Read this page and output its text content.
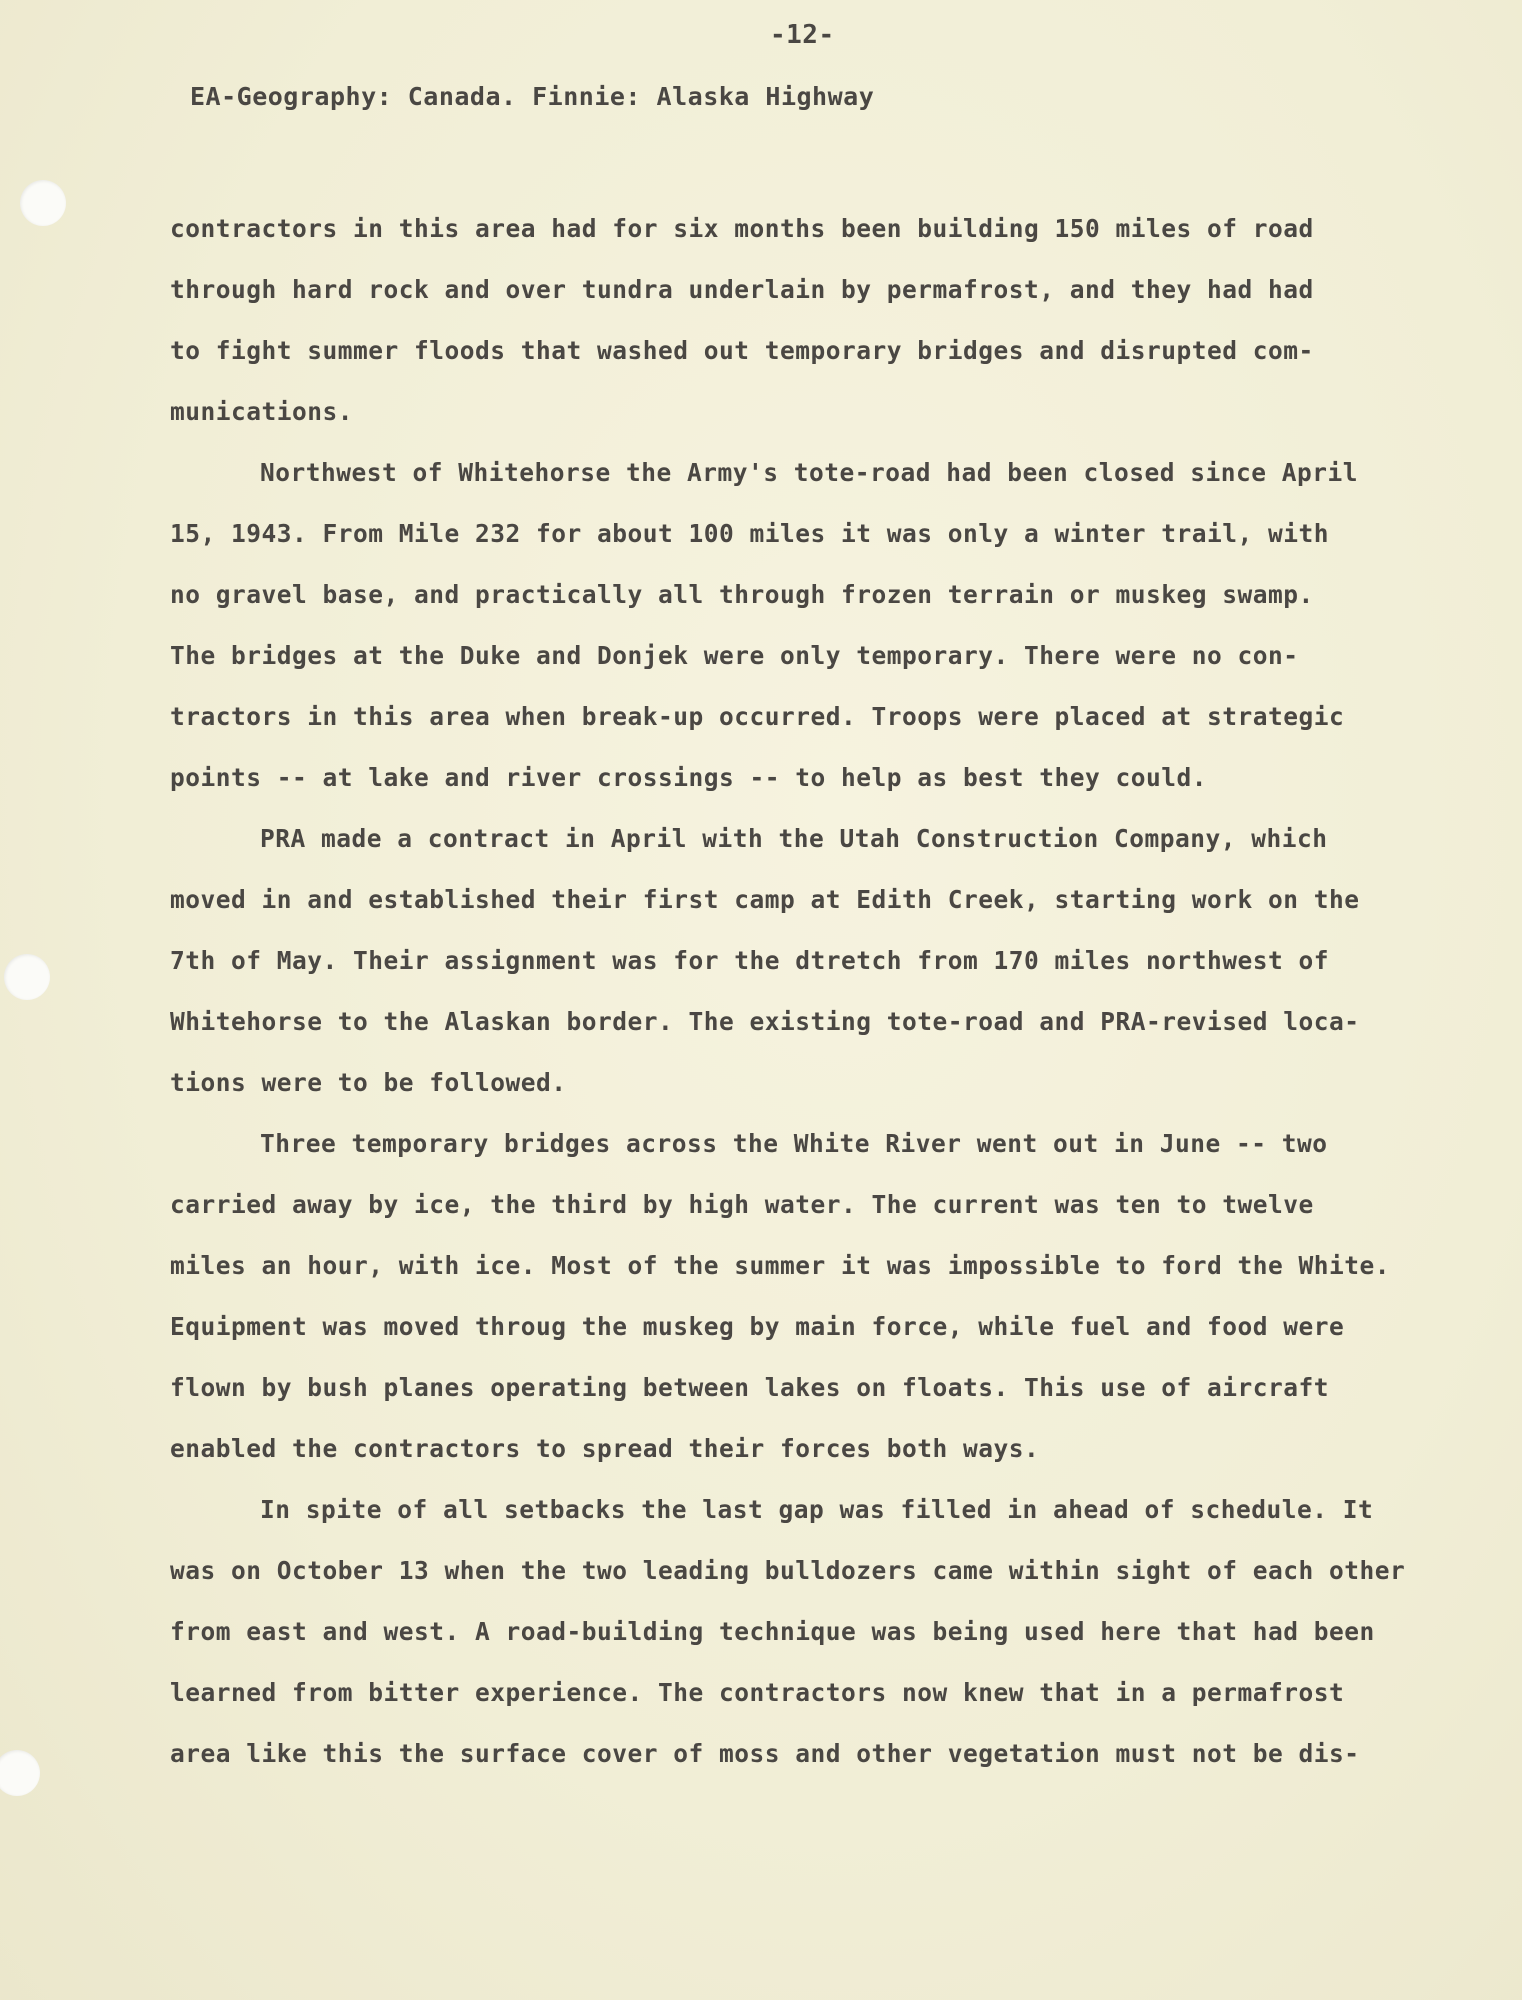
-12-
EA-Geography: Canada. Finnie: Alaska Highway
contractors in this area had for six months been building 150 miles of road
through hard rock and over tundra underlain by permafrost, and they had had
to fight summer floods that washed out temporary bridges and disrupted com-
munications.
Northwest of Whitehorse the Army's tote-road had been closed since April
15, 1943. From Mile 232 for about 100 miles it was only a winter trail, with
no gravel base, and practically all through frozen terrain or muskeg swamp.
The bridges at the Duke and Donjek were only temporary. There were no con-
tractors in this area when break-up occurred. Troops were placed at strategic
points -- at lake and river crossings -- to help as best they could.
PRA made a contract in April with the Utah Construction Company, which
moved in and established their first camp at Edith Creek, starting work on the
7th of May. Their assignment was for the dtretch from 170 miles northwest of
Whitehorse to the Alaskan border. The existing tote-road and PRA-revised loca-
tions were to be followed.
Three temporary bridges across the White River went out in June -- two
carried away by ice, the third by high water. The current was ten to twelve
miles an hour, with ice. Most of the summer it was impossible to ford the White.
Equipment was moved throug the muskeg by main force, while fuel and food were
flown by bush planes operating between lakes on floats. This use of aircraft
enabled the contractors to spread their forces both ways.
In spite of all setbacks the last gap was filled in ahead of schedule. It
was on October 13 when the two leading bulldozers came within sight of each other
from east and west. A road-building technique was being used here that had been
learned from bitter experience. The contractors now knew that in a permafrost
area like this the surface cover of moss and other vegetation must not be dis-
